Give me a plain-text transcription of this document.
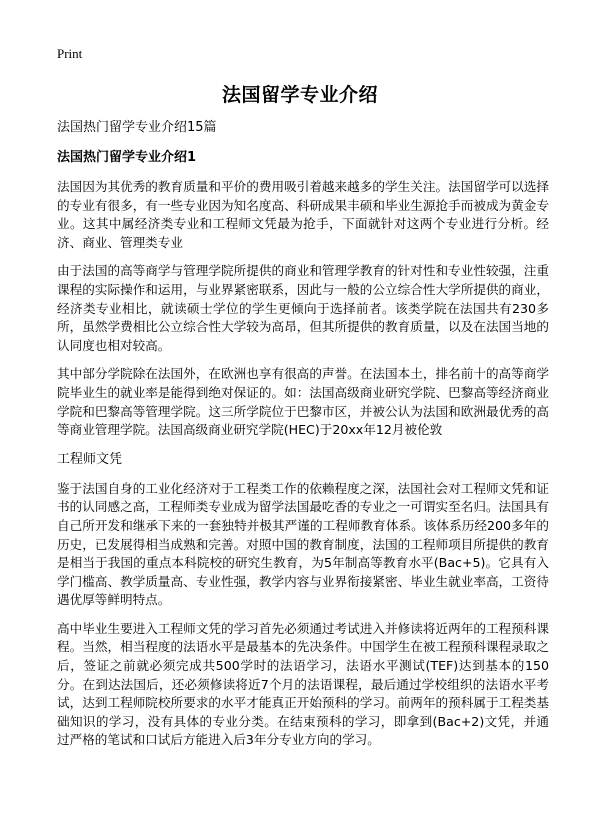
Print
法国留学专业介绍

法国热门留学专业介绍15篇

法国热门留学专业介绍1

法国因为其优秀的教育质量和平价的费用吸引着越来越多的学生关注。法国留学可以选择的专业有很多，有一些专业因为知名度高、科研成果丰硕和毕业生源抢手而被成为黄金专业。这其中属经济类专业和工程师文凭最为抢手，下面就针对这两个专业进行分析。经济、商业、管理类专业

由于法国的高等商学与管理学院所提供的商业和管理学教育的针对性和专业性较强，注重课程的实际操作和运用，与业界紧密联系，因此与一般的公立综合性大学所提供的商业，经济类专业相比，就读硕士学位的学生更倾向于选择前者。该类学院在法国共有230多所，虽然学费相比公立综合性大学较为高昂，但其所提供的教育质量，以及在法国当地的认同度也相对较高。

其中部分学院除在法国外，在欧洲也享有很高的声誉。在法国本土，排名前十的高等商学院毕业生的就业率是能得到绝对保证的。如：法国高级商业研究学院、巴黎高等经济商业学院和巴黎高等管理学院。这三所学院位于巴黎市区，并被公认为法国和欧洲最优秀的高等商业管理学院。法国高级商业研究学院(HEC)于20xx年12月被伦敦

工程师文凭

鉴于法国自身的工业化经济对于工程类工作的依赖程度之深，法国社会对工程师文凭和证书的认同感之高，工程师类专业成为留学法国最吃香的专业之一可谓实至名归。法国具有自己所开发和继承下来的一套独特并极其严谨的工程师教育体系。该体系历经200多年的历史，已发展得相当成熟和完善。对照中国的教育制度，法国的工程师项目所提供的教育是相当于我国的重点本科院校的研究生教育，为5年制高等教育水平(Bac+5)。它具有入学门槛高、教学质量高、专业性强，教学内容与业界衔接紧密、毕业生就业率高，工资待遇优厚等鲜明特点。

高中毕业生要进入工程师文凭的学习首先必须通过考试进入并修读将近两年的工程预科课程。当然，相当程度的法语水平是最基本的先决条件。中国学生在被工程预科课程录取之后，签证之前就必须完成共500学时的法语学习，法语水平测试(TEF)达到基本的150分。在到达法国后，还必须修读将近7个月的法语课程，最后通过学校组织的法语水平考试，达到工程师院校所要求的水平才能真正开始预科的学习。前两年的预科属于工程类基础知识的学习，没有具体的专业分类。在结束预科的学习，即拿到(Bac+2)文凭，并通过严格的笔试和口试后方能进入后3年分专业方向的学习。
